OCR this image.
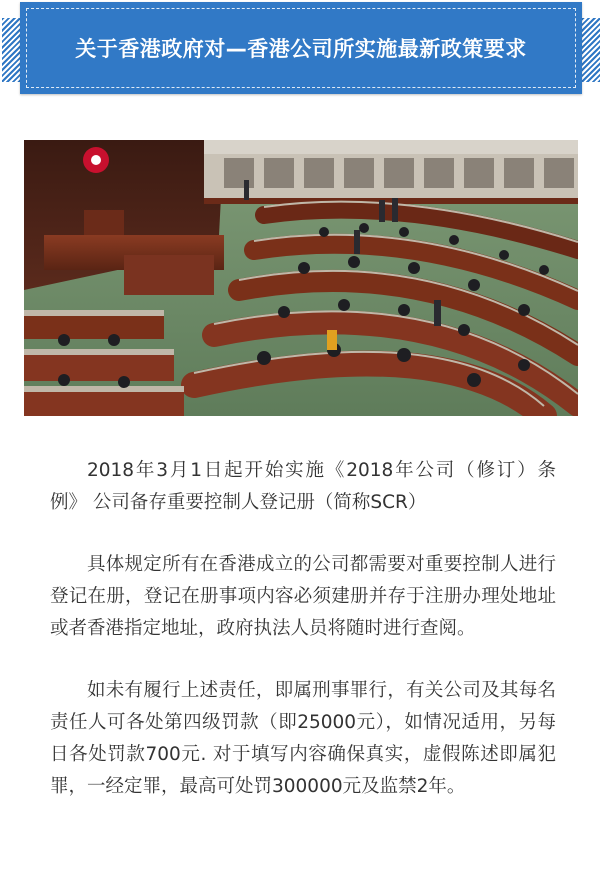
关于香港政府对—香港公司所实施最新政策要求

2018年3月1日起开始实施《2018年公司（修订）条例》 公司备存重要控制人登记册（简称SCR）

具体规定所有在香港成立的公司都需要对重要控制人进行登记在册，登记在册事项内容必须建册并存于注册办理处地址或者香港指定地址，政府执法人员将随时进行查阅。

如未有履行上述责任，即属刑事罪行，有关公司及其每名责任人可各处第四级罚款（即25000元），如情况适用，另每日各处罚款700元. 对于填写内容确保真实，虚假陈述即属犯罪，一经定罪，最高可处罚300000元及监禁2年。
